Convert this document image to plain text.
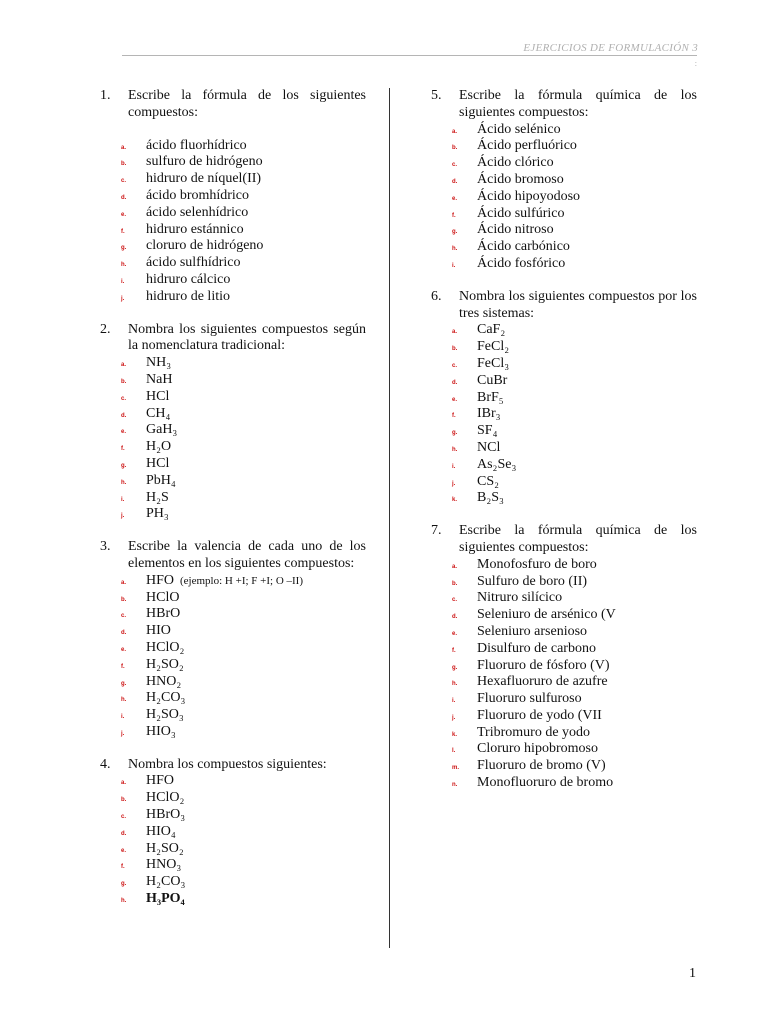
EJERCICIOS DE FORMULACIÓN 3
:
1.	Escribe la fórmula de los siguientes compuestos:
a.	ácido fluorhídrico
b.	sulfuro de hidrógeno
c.	hidruro de níquel(II)
d.	ácido bromhídrico
e.	ácido selenhídrico
f.	hidruro estánnico
g.	cloruro de hidrógeno
h.	ácido sulfhídrico
i.	hidruro cálcico
j.	hidruro de litio
2.	Nombra los siguientes compuestos según la nomenclatura tradicional:
a.	NH₃
b.	NaH
c.	HCl
d.	CH₄
e.	GaH₃
f.	H₂O
g.	HCl
h.	PbH₄
i.	H₂S
j.	PH₃
3.	Escribe la valencia de cada uno de los elementos en los siguientes compuestos:
a.	HFO (ejemplo: H +I; F +I; O –II)
b.	HClO
c.	HBrO
d.	HIO
e.	HClO₂
f.	H₂SO₂
g.	HNO₂
h.	H₂CO₃
i.	H₂SO₃
j.	HIO₃
4.	Nombra los compuestos siguientes:
a.	HFO
b.	HClO₂
c.	HBrO₃
d.	HIO₄
e.	H₂SO₂
f.	HNO₃
g.	H₂CO₃
h.	H₃PO₄
5.	Escribe la fórmula química de los siguientes compuestos:
a.	Ácido selénico
b.	Ácido perfluórico
c.	Ácido clórico
d.	Ácido bromoso
e.	Ácido hipoyodoso
f.	Ácido sulfúrico
g.	Ácido nitroso
h.	Ácido carbónico
i.	Ácido fosfórico
6.	Nombra los siguientes compuestos por los tres sistemas:
a.	CaF₂
b.	FeCl₂
c.	FeCl₃
d.	CuBr
e.	BrF₅
f.	IBr₃
g.	SF₄
h.	NCl
i.	As₂Se₃
j.	CS₂
k.	B₂S₃
7.	Escribe la fórmula química de los siguientes compuestos:
a.	Monofosfuro de boro
b.	Sulfuro de boro (II)
c.	Nitruro silícico
d.	Seleniuro de arsénico (V
e.	Seleniuro arsenioso
f.	Disulfuro de carbono
g.	Fluoruro de fósforo (V)
h.	Hexafluoruro de azufre
i.	Fluoruro sulfuroso
j.	Fluoruro de yodo (VII
k.	Tribromuro de yodo
l.	Cloruro hipobromoso
m.	Fluoruro de bromo (V)
n.	Monofluoruro de bromo
1
